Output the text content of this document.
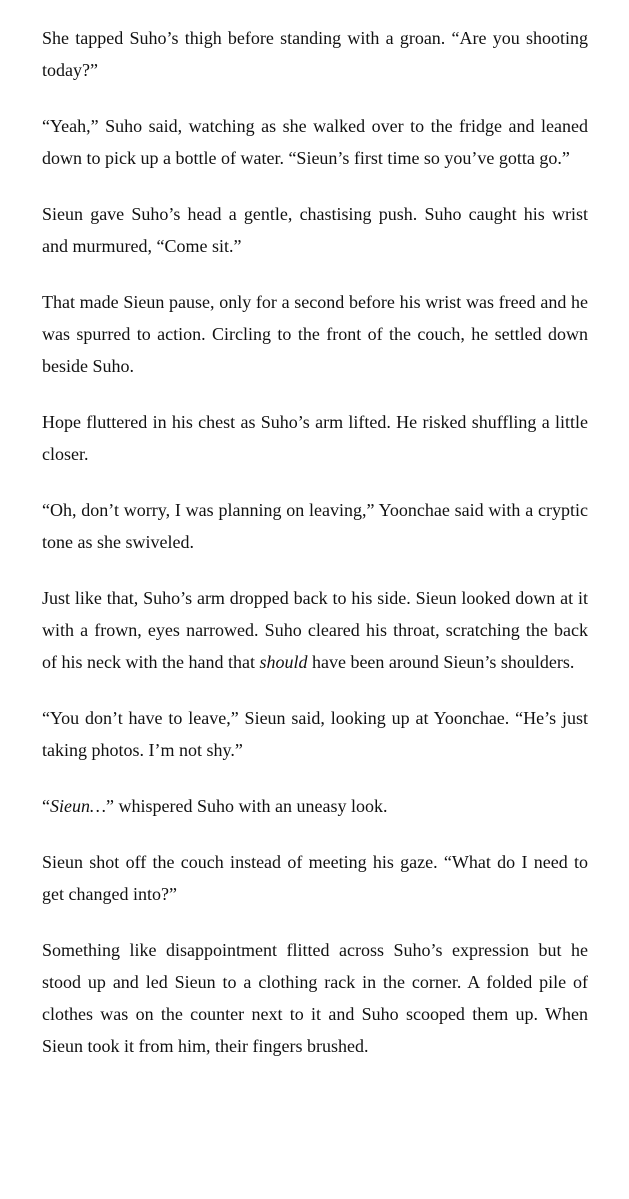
She tapped Suho’s thigh before standing with a groan. “Are you shooting today?”

“Yeah,” Suho said, watching as she walked over to the fridge and leaned down to pick up a bottle of water. “Sieun’s first time so you’ve gotta go.”

Sieun gave Suho’s head a gentle, chastising push. Suho caught his wrist and murmured, “Come sit.”

That made Sieun pause, only for a second before his wrist was freed and he was spurred to action. Circling to the front of the couch, he settled down beside Suho.

Hope fluttered in his chest as Suho’s arm lifted. He risked shuffling a little closer.

“Oh, don’t worry, I was planning on leaving,” Yoonchae said with a cryptic tone as she swiveled.

Just like that, Suho’s arm dropped back to his side. Sieun looked down at it with a frown, eyes narrowed. Suho cleared his throat, scratching the back of his neck with the hand that should have been around Sieun’s shoulders.

“You don’t have to leave,” Sieun said, looking up at Yoonchae. “He’s just taking photos. I’m not shy.”

“Sieun…” whispered Suho with an uneasy look.

Sieun shot off the couch instead of meeting his gaze. “What do I need to get changed into?”

Something like disappointment flitted across Suho’s expression but he stood up and led Sieun to a clothing rack in the corner. A folded pile of clothes was on the counter next to it and Suho scooped them up. When Sieun took it from him, their fingers brushed.
